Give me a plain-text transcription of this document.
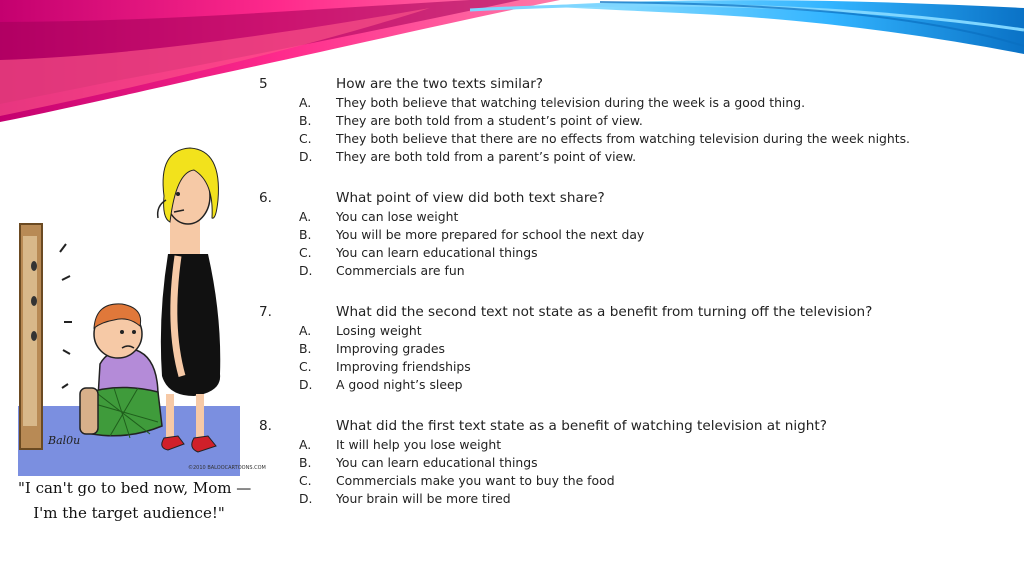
Bal0u
©2010 BALOOCARTOONS.COM
"I can't go to bed now, Mom —
I'm the target audience!"
5	How are the two texts similar?
A. They both believe that watching television during the week is a good thing.
B. They are both told from a student’s point of view.
C. They both believe that there are no effects from watching television during the week nights.
D. They are both told from a parent’s point of view.
6.	What point of view did both text share?
A. You can lose weight
B. You will be more prepared for school the next day
C. You can learn educational things
D. Commercials are fun
7.	What did the second text not state as a benefit from turning off the television?
A. Losing weight
B. Improving grades
C. Improving friendships
D. A good night’s sleep
8.	What did the first text state as a benefit of watching television at night?
A. It will help you lose weight
B. You can learn educational things
C. Commercials make you want to buy the food
D. Your brain will be more tired
